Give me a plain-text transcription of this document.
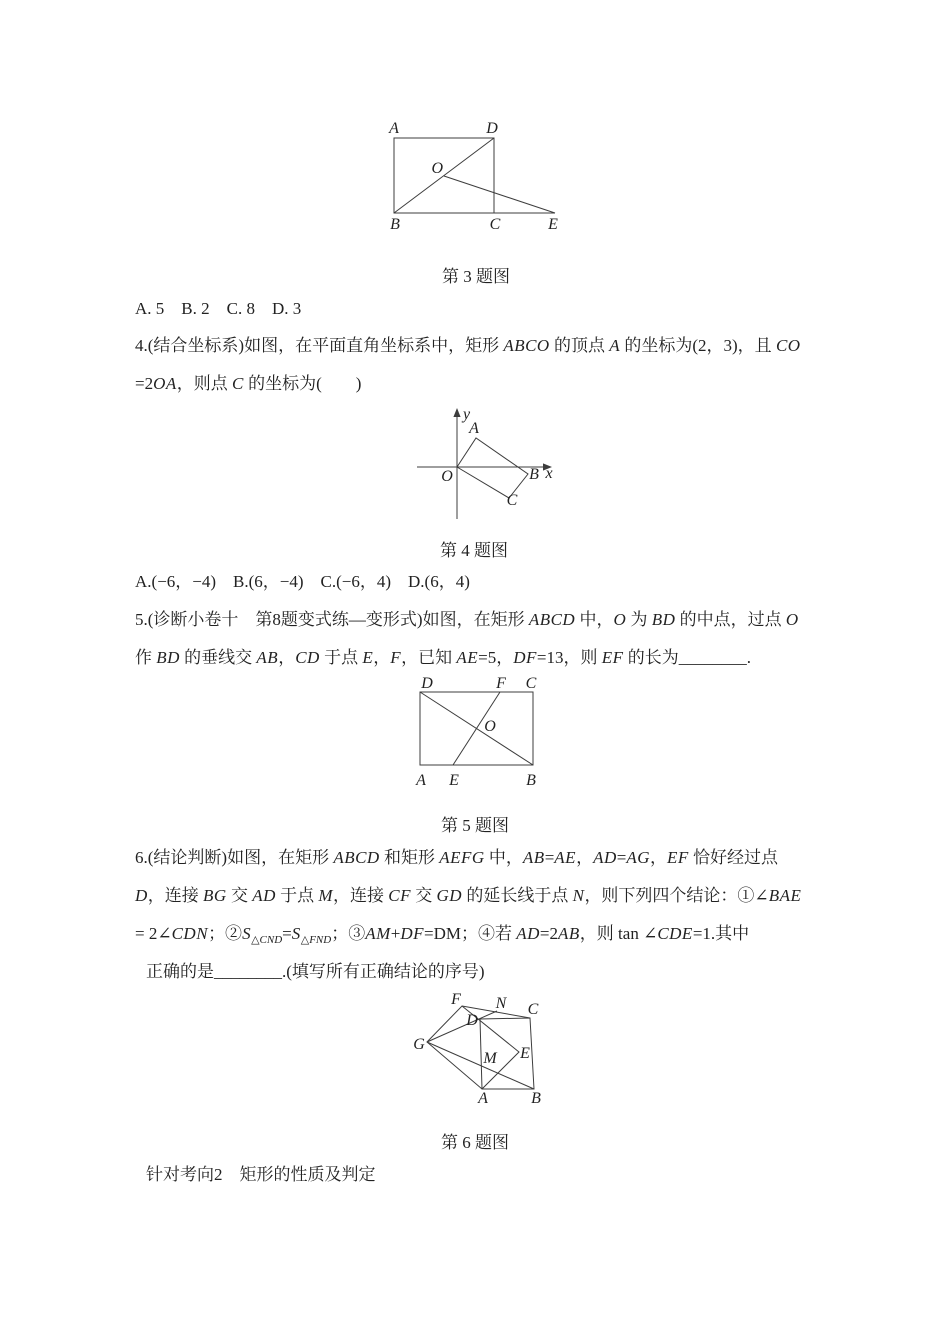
A	D
O
B	C	E
第 3 题图
A. 5　B. 2　C. 8　D. 3
4.(结合坐标系)如图，在平面直角坐标系中，矩形 ABCO 的顶点 A 的坐标为(2，3)，且 CO
=2OA，则点 C 的坐标为(　　)
y
x
O
A
B
C
第 4 题图
A.(−6，−4)　B.(6，−4)　C.(−6，4)　D.(6，4)
5.(诊断小卷十　第8题变式练—变形式)如图，在矩形 ABCD 中，O 为 BD 的中点，过点 O
作 BD 的垂线交 AB，CD 于点 E，F，已知 AE=5，DF=13，则 EF 的长为________.
D	F C
O
A E	B
第 5 题图
6.(结论判断)如图，在矩形 ABCD 和矩形 AEFG 中，AB=AE，AD=AG，EF 恰好经过点
D，连接 BG 交 AD 于点 M，连接 CF 交 GD 的延长线于点 N，则下列四个结论：①∠BAE
= 2∠CDN；$②S_{\triangle CND}=S_{\triangle FND}$；③AM+DF=DM；④若 AD=2AB，则 tan ∠CDE=1.其中
正确的是________.(填写所有正确结论的序号)
F N C
D
G
E
M
A	B
第 6 题图
针对考向2　矩形的性质及判定
